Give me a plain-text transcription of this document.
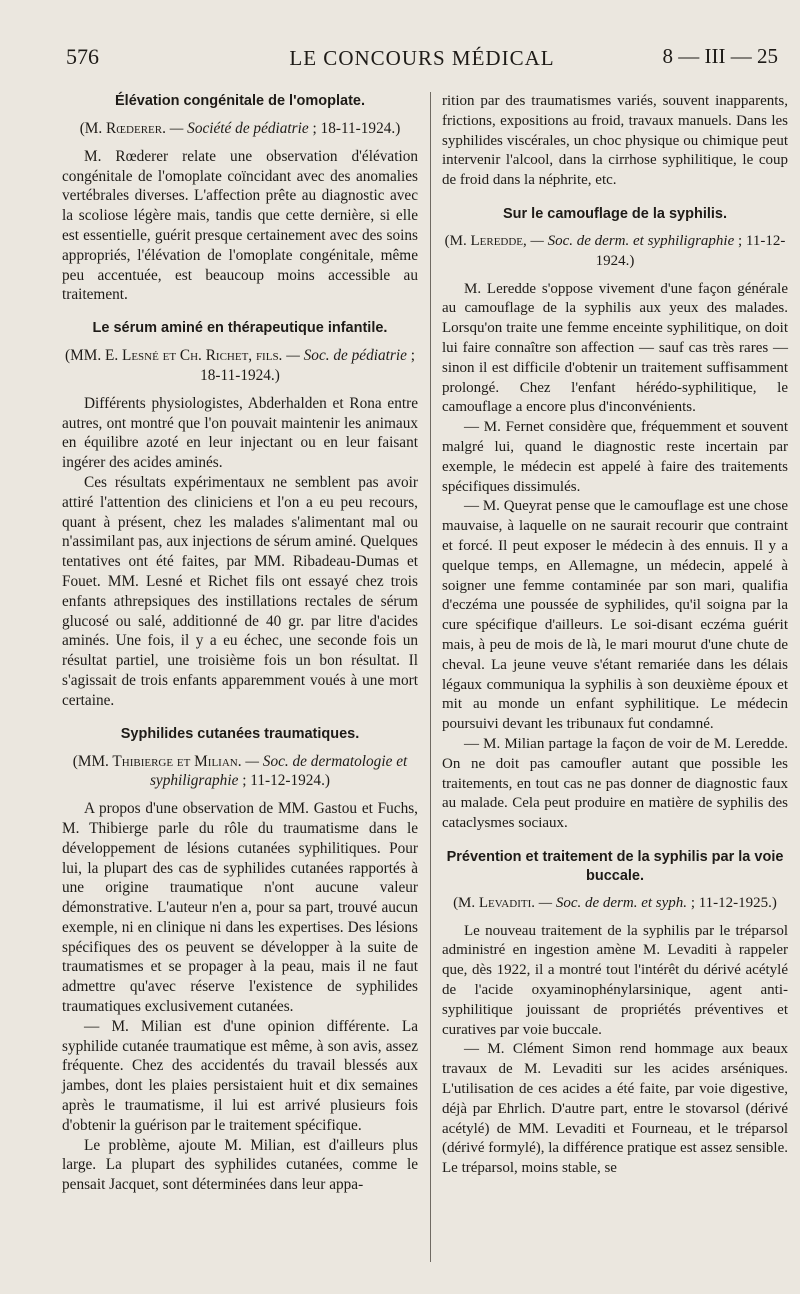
576	LE CONCOURS MÉDICAL	8 — III — 25
Élévation congénitale de l'omoplate.
(M. Rœderer. — Société de pédiatrie ; 18-11-1924.)

M. Rœderer relate une observation d'élévation congénitale de l'omoplate coïncidant avec des anomalies vertébrales diverses. L'affection prête au diagnostic avec la scoliose légère mais, tandis que cette dernière, si elle est essentielle, guérit presque certainement avec des soins appropriés, l'élévation de l'omoplate congénitale, même peu accentuée, est beaucoup moins accessible au traitement.

Le sérum aminé en thérapeutique infantile.
(MM. E. Lesné et Ch. Richet, fils. — Soc. de pédiatrie ; 18-11-1924.)

Différents physiologistes, Abderhalden et Rona entre autres, ont montré que l'on pouvait maintenir les animaux en équilibre azoté en leur injectant ou en leur faisant ingérer des acides aminés.

Ces résultats expérimentaux ne semblent pas avoir attiré l'attention des cliniciens et l'on a eu peu recours, quant à présent, chez les malades s'alimentant mal ou n'assimilant pas, aux injections de sérum aminé. Quelques tentatives ont été faites, par MM. Ribadeau-Dumas et Fouet. MM. Lesné et Richet fils ont essayé chez trois enfants athrepsiques des instillations rectales de sérum glucosé ou salé, additionné de 40 gr. par litre d'acides aminés. Une fois, il y a eu échec, une seconde fois un résultat partiel, une troisième fois un bon résultat. Il s'agissait de trois enfants apparemment voués à une mort certaine.

Syphilides cutanées traumatiques.
(MM. Thibierge et Milian. — Soc. de dermatologie et syphiligraphie ; 11-12-1924.)

A propos d'une observation de MM. Gastou et Fuchs, M. Thibierge parle du rôle du traumatisme dans le développement de lésions cutanées syphilitiques. Pour lui, la plupart des cas de syphilides cutanées rapportés à une origine traumatique n'ont aucune valeur démonstrative. L'auteur n'en a, pour sa part, trouvé aucun exemple, ni en clinique ni dans les expertises. Des lésions spécifiques des os peuvent se développer à la suite de traumatismes et se propager à la peau, mais il ne faut admettre qu'avec réserve l'existence de syphilides traumatiques exclusivement cutanées.

— M. Milian est d'une opinion différente. La syphilide cutanée traumatique est même, à son avis, assez fréquente. Chez des accidentés du travail blessés aux jambes, dont les plaies persistaient huit et dix semaines après le traumatisme, il lui est arrivé plusieurs fois d'obtenir la guérison par le traitement spécifique.

Le problème, ajoute M. Milian, est d'ailleurs plus large. La plupart des syphilides cutanées, comme le pensait Jacquet, sont déterminées dans leur appa-

rition par des traumatismes variés, souvent inapparents, frictions, expositions au froid, travaux manuels. Dans les syphilides viscérales, un choc physique ou chimique peut intervenir l'alcool, dans la cirrhose syphilitique, le coup de froid dans la néphrite, etc.

Sur le camouflage de la syphilis.
(M. Leredde, — Soc. de derm. et syphiligraphie ; 11-12-1924.)

M. Leredde s'oppose vivement d'une façon générale au camouflage de la syphilis aux yeux des malades. Lorsqu'on traite une femme enceinte syphilitique, on doit lui faire connaître son affection — sauf cas très rares — sinon il est difficile d'obtenir un traitement suffisamment prolongé. Chez l'enfant hérédo-syphilitique, le camouflage a encore plus d'inconvénients.

— M. Fernet considère que, fréquemment et souvent malgré lui, quand le diagnostic reste incertain par exemple, le médecin est appelé à faire des traitements spécifiques dissimulés.

— M. Queyrat pense que le camouflage est une chose mauvaise, à laquelle on ne saurait recourir que contraint et forcé. Il peut exposer le médecin à des ennuis. Il y a quelque temps, en Allemagne, un médecin, appelé à soigner une femme contaminée par son mari, qualifia d'eczéma une poussée de syphilides, qu'il soigna par la cure spécifique d'ailleurs. Le soi-disant eczéma guérit mais, à peu de mois de là, le mari mourut d'une chute de cheval. La jeune veuve s'étant remariée dans les délais légaux communiqua la syphilis à son deuxième époux et mit au monde un enfant syphilitique. Le médecin poursuivi devant les tribunaux fut condamné.

— M. Milian partage la façon de voir de M. Leredde. On ne doit pas camoufler autant que possible les traitements, en tout cas ne pas donner de diagnostic faux au malade. Cela peut produire en matière de syphilis des cataclysmes sociaux.

Prévention et traitement de la syphilis par la voie buccale.
(M. Levaditi. — Soc. de derm. et syph. ; 11-12-1925.)

Le nouveau traitement de la syphilis par le tréparsol administré en ingestion amène M. Levaditi à rappeler que, dès 1922, il a montré tout l'intérêt du dérivé acétylé de l'acide oxyaminophénylarsinique, agent anti-syphilitique jouissant de propriétés préventives et curatives par voie buccale.

— M. Clément Simon rend hommage aux beaux travaux de M. Levaditi sur les acides arséniques. L'utilisation de ces acides a été faite, par voie digestive, déjà par Ehrlich. D'autre part, entre le stovarsol (dérivé acétylé) de MM. Levaditi et Fourneau, et le tréparsol (dérivé formylé), la différence pratique est assez sensible. Le tréparsol, moins stable, se
